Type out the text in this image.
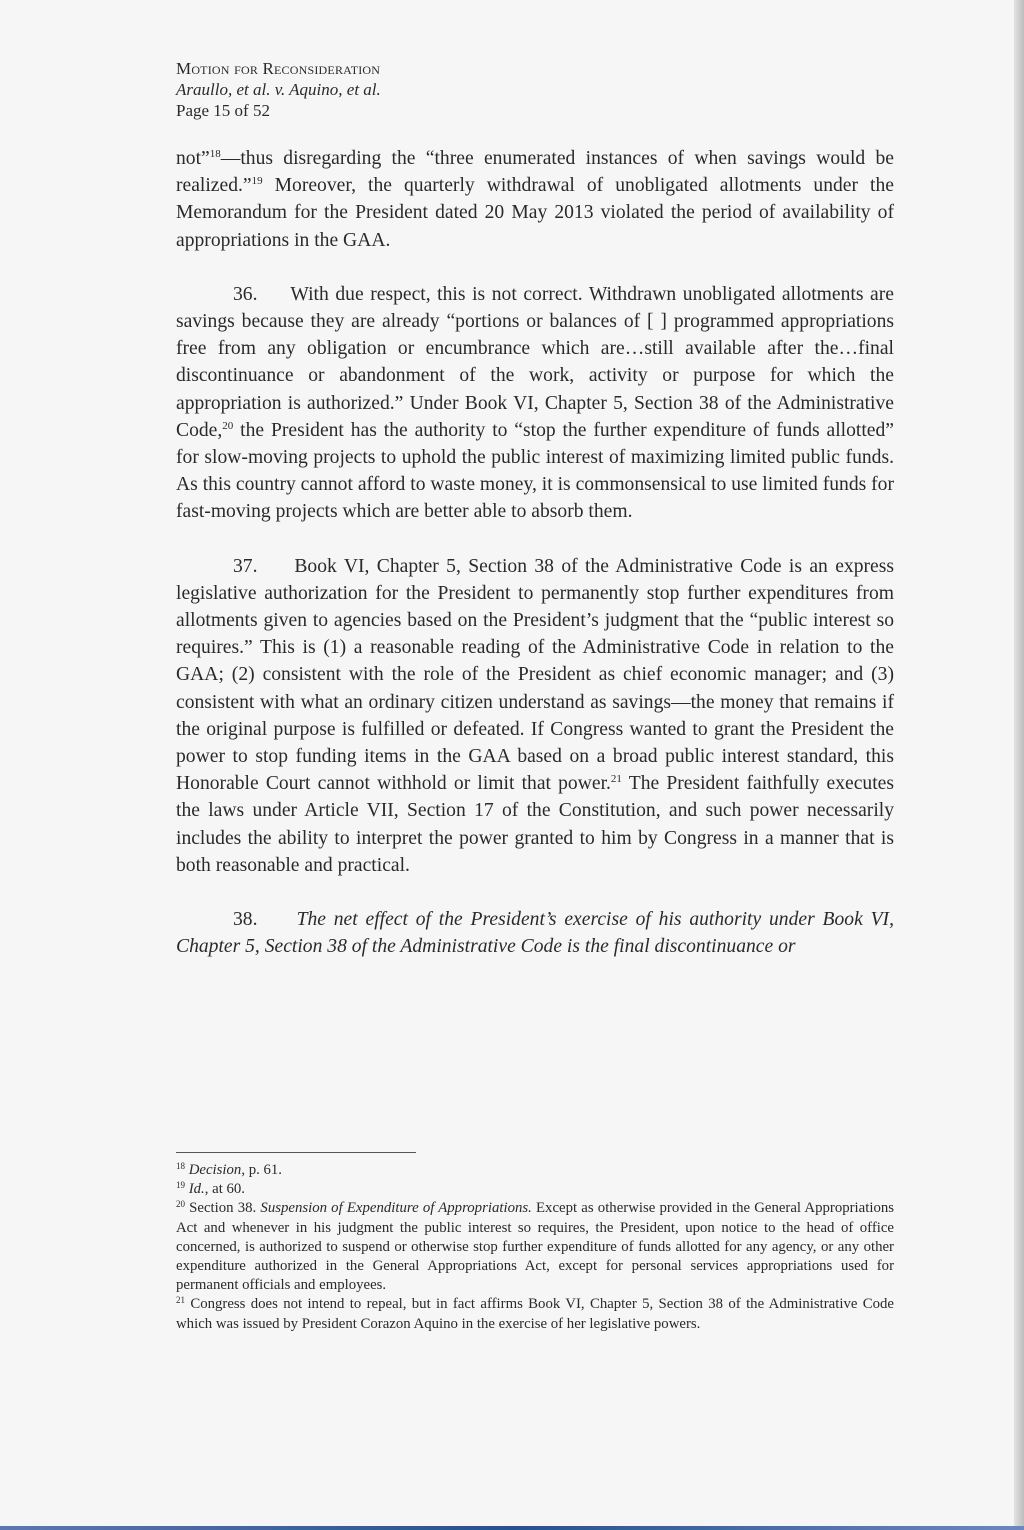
Motion for Reconsideration
Araullo, et al. v. Aquino, et al.
Page 15 of 52

not”$^{18}$—thus disregarding the “three enumerated instances of when savings would be realized.”$^{19}$ Moreover, the quarterly withdrawal of unobligated allotments under the Memorandum for the President dated 20 May 2013 violated the period of availability of appropriations in the GAA.

36. With due respect, this is not correct. Withdrawn unobligated allotments are savings because they are already “portions or balances of [ ] programmed appropriations free from any obligation or encumbrance which are…still available after the…final discontinuance or abandonment of the work, activity or purpose for which the appropriation is authorized.” Under Book VI, Chapter 5, Section 38 of the Administrative Code,$^{20}$ the President has the authority to “stop the further expenditure of funds allotted” for slow-moving projects to uphold the public interest of maximizing limited public funds. As this country cannot afford to waste money, it is commonsensical to use limited funds for fast-moving projects which are better able to absorb them.

37. Book VI, Chapter 5, Section 38 of the Administrative Code is an express legislative authorization for the President to permanently stop further expenditures from allotments given to agencies based on the President’s judgment that the “public interest so requires.” This is (1) a reasonable reading of the Administrative Code in relation to the GAA; (2) consistent with the role of the President as chief economic manager; and (3) consistent with what an ordinary citizen understand as savings—the money that remains if the original purpose is fulfilled or defeated. If Congress wanted to grant the President the power to stop funding items in the GAA based on a broad public interest standard, this Honorable Court cannot withhold or limit that power.$^{21}$ The President faithfully executes the laws under Article VII, Section 17 of the Constitution, and such power necessarily includes the ability to interpret the power granted to him by Congress in a manner that is both reasonable and practical.

38. The net effect of the President’s exercise of his authority under Book VI, Chapter 5, Section 38 of the Administrative Code is the final discontinuance or

$^{18}$ Decision, p. 61.

$^{19}$ Id., at 60.

$^{20}$ Section 38. Suspension of Expenditure of Appropriations. Except as otherwise provided in the General Appropriations Act and whenever in his judgment the public interest so requires, the President, upon notice to the head of office concerned, is authorized to suspend or otherwise stop further expenditure of funds allotted for any agency, or any other expenditure authorized in the General Appropriations Act, except for personal services appropriations used for permanent officials and employees.

$^{21}$ Congress does not intend to repeal, but in fact affirms Book VI, Chapter 5, Section 38 of the Administrative Code which was issued by President Corazon Aquino in the exercise of her legislative powers.
